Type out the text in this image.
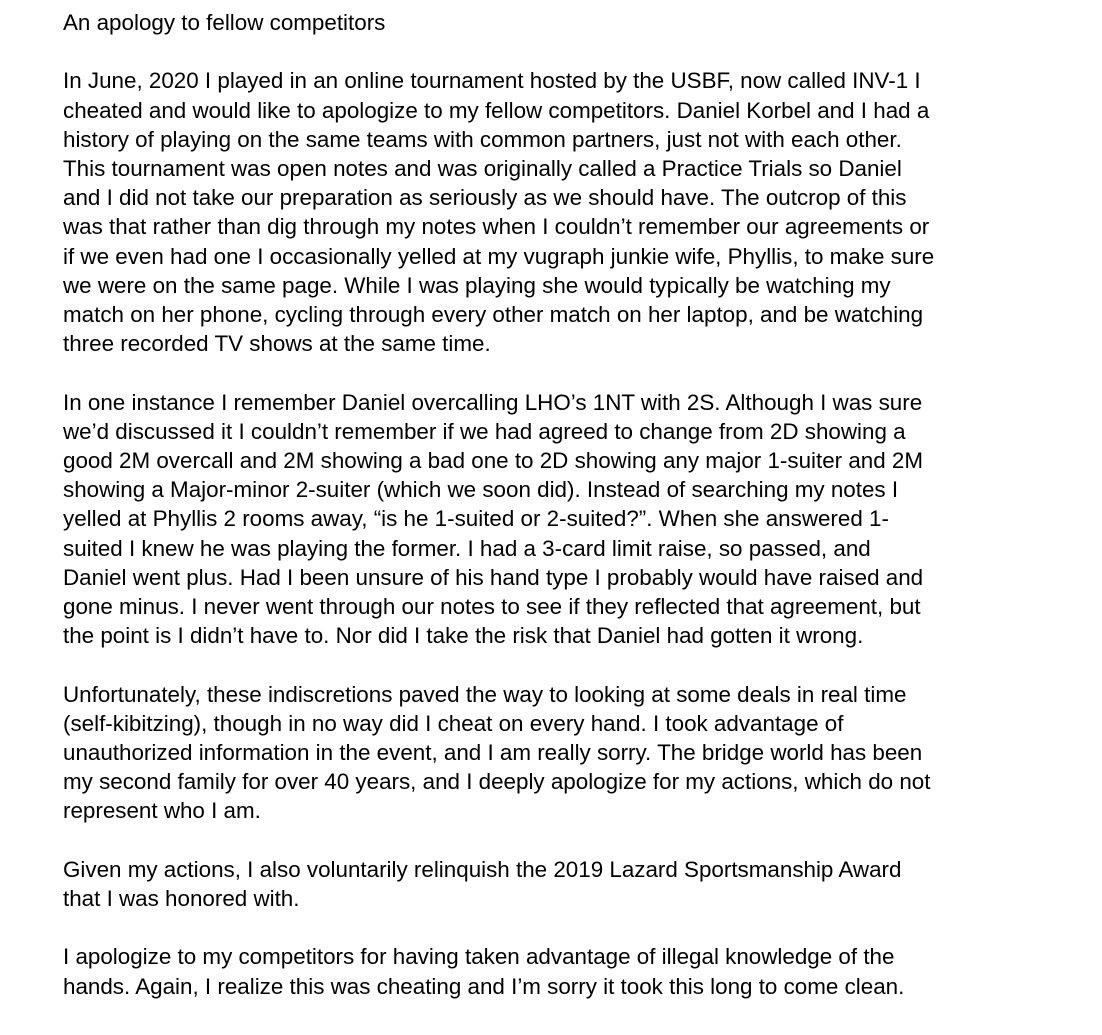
An apology to fellow competitors

In June, 2020 I played in an online tournament hosted by the USBF, now called INV-1 I
cheated and would like to apologize to my fellow competitors. Daniel Korbel and I had a
history of playing on the same teams with common partners, just not with each other.
This tournament was open notes and was originally called a Practice Trials so Daniel
and I did not take our preparation as seriously as we should have. The outcrop of this
was that rather than dig through my notes when I couldn’t remember our agreements or
if we even had one I occasionally yelled at my vugraph junkie wife, Phyllis, to make sure
we were on the same page. While I was playing she would typically be watching my
match on her phone, cycling through every other match on her laptop, and be watching
three recorded TV shows at the same time.

In one instance I remember Daniel overcalling LHO’s 1NT with 2S. Although I was sure
we’d discussed it I couldn’t remember if we had agreed to change from 2D showing a
good 2M overcall and 2M showing a bad one to 2D showing any major 1-suiter and 2M
showing a Major-minor 2-suiter (which we soon did). Instead of searching my notes I
yelled at Phyllis 2 rooms away, “is he 1-suited or 2-suited?”. When she answered 1-
suited I knew he was playing the former. I had a 3-card limit raise, so passed, and
Daniel went plus. Had I been unsure of his hand type I probably would have raised and
gone minus. I never went through our notes to see if they reflected that agreement, but
the point is I didn’t have to. Nor did I take the risk that Daniel had gotten it wrong.

Unfortunately, these indiscretions paved the way to looking at some deals in real time
(self-kibitzing), though in no way did I cheat on every hand. I took advantage of
unauthorized information in the event, and I am really sorry. The bridge world has been
my second family for over 40 years, and I deeply apologize for my actions, which do not
represent who I am.

Given my actions, I also voluntarily relinquish the 2019 Lazard Sportsmanship Award
that I was honored with.

I apologize to my competitors for having taken advantage of illegal knowledge of the
hands. Again, I realize this was cheating and I’m sorry it took this long to come clean.
